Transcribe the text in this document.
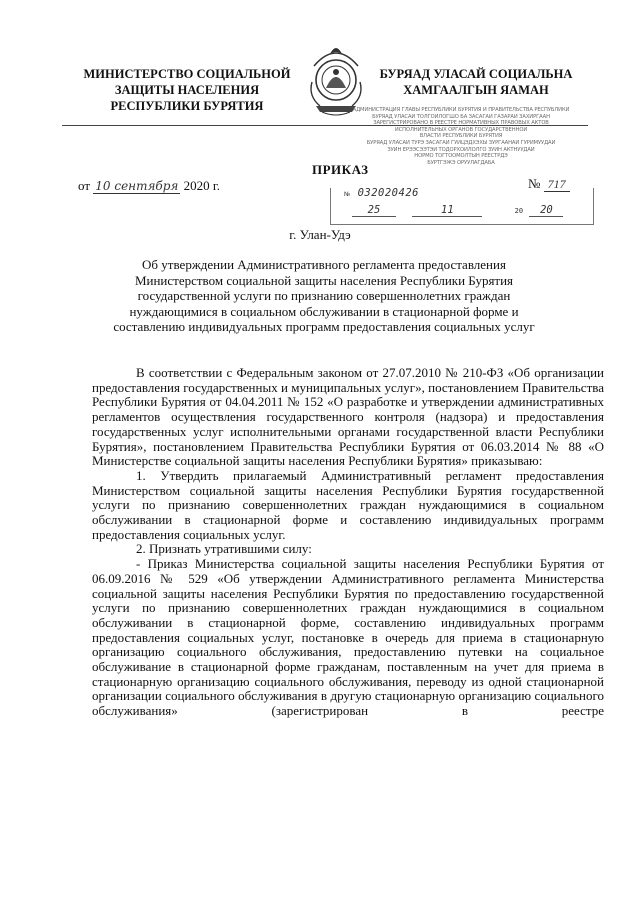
МИНИСТЕРСТВО СОЦИАЛЬНОЙ
ЗАЩИТЫ НАСЕЛЕНИЯ
РЕСПУБЛИКИ БУРЯТИЯ
БУРЯАД УЛАСАЙ СОЦИАЛЬНА
ХАМГААЛГЫН ЯАМАН
АДМИНИСТРАЦИЯ ГЛАВЫ РЕСПУБЛИКИ БУРЯТИЯ И ПРАВИТЕЛЬСТВА РЕСПУБЛИКИ
БУРЯАД УЛАСАЙ ТОЛГОЙЛОГШО БА ЗАСАГАЙ ГАЗАРАЙ ЗАХИРГААН
ЗАРЕГИСТРИРОВАНО В РЕЕСТРЕ НОРМАТИВНЫХ ПРАВОВЫХ АКТОВ
ИСПОЛНИТЕЛЬНЫХ ОРГАНОВ ГОСУДАРСТВЕННОЙ
ВЛАСТИ РЕСПУБЛИКИ БУРЯТИЯ
БУРЯАД УЛАСАЙ ТУРЭ ЗАСАГАЙ ГУЙЦЭДХЭХЫ ЗУРГААНАЙ ГУРИМУУДАЙ
ЗУЙН ЕРЭЭСЭЭТЭЙ ТОДОРХОЙЛОЛГО ЗУЙН АКТНУУДАЙ
НОРМО ТОГТООМОЛТЫН РЕЕСТРДЭ
БУРТГЭЖЭ ОРУУЛАГДАБА
№ 032020426
25	11	20 20
ПРИКАЗ
от 10 сентября 2020 г.	№ 717
г. Улан-Удэ
Об утверждении Административного регламента предоставления Министерством социальной защиты населения Республики Бурятия государственной услуги по признанию совершеннолетних граждан нуждающимися в социальном обслуживании в стационарной форме и составлению индивидуальных программ предоставления социальных услуг

В соответствии с Федеральным законом от 27.07.2010 № 210-ФЗ «Об организации предоставления государственных и муниципальных услуг», постановлением Правительства Республики Бурятия от 04.04.2011 № 152 «О разработке и утверждении административных регламентов осуществления государственного контроля (надзора) и предоставления государственных услуг исполнительными органами государственной власти Республики Бурятия», постановлением Правительства Республики Бурятия от 06.03.2014 № 88 «О Министерстве социальной защиты населения Республики Бурятия» приказываю:

1. Утвердить прилагаемый Административный регламент предоставления Министерством социальной защиты населения Республики Бурятия государственной услуги по признанию совершеннолетних граждан нуждающимися в социальном обслуживании в стационарной форме и составлению индивидуальных программ предоставления социальных услуг.

2. Признать утратившими силу:

- Приказ Министерства социальной защиты населения Республики Бурятия от 06.09.2016 № 529 «Об утверждении Административного регламента Министерства социальной защиты населения Республики Бурятия по предоставлению государственной услуги по признанию совершеннолетних граждан нуждающимися в социальном обслуживании в стационарной форме, составлению индивидуальных программ предоставления социальных услуг, постановке в очередь для приема в стационарную организацию социального обслуживания, предоставлению путевки на социальное обслуживание в стационарной форме гражданам, поставленным на учет для приема в стационарную организацию социального обслуживания, переводу из одной стационарной организации социального обслуживания в другую стационарную организацию социального обслуживания» (зарегистрирован в реестре
